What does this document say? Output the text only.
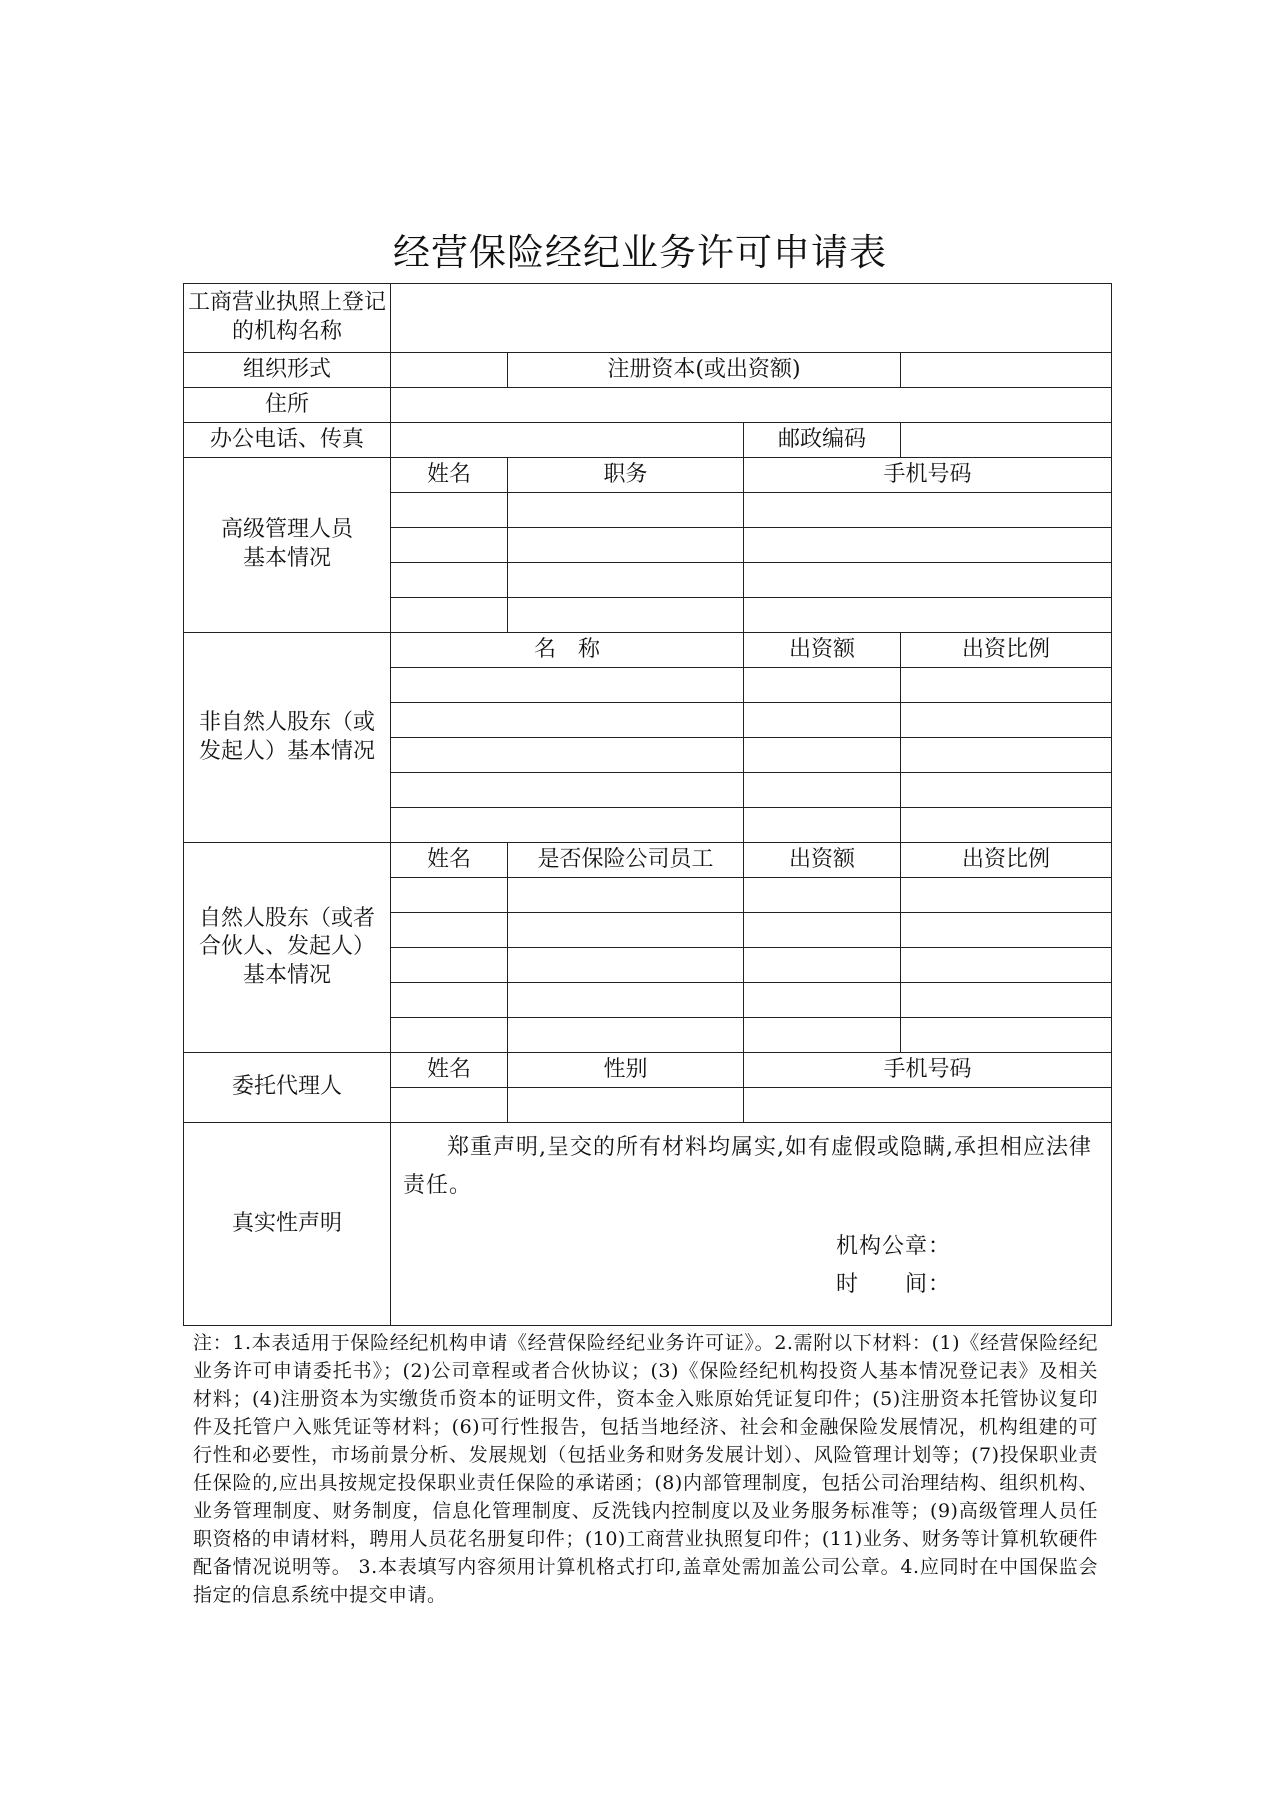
经营保险经纪业务许可申请表
工商营业执照上登记的机构名称				
组织形式		注册资本(或出资额)		
住所				
办公电话、传真			邮政编码	
高级管理人员基本情况	姓名	职务	手机号码	

非自然人股东（或发起人）基本情况	名　称		出资额	出资比例

自然人股东（或者合伙人、发起人）基本情况	姓名	是否保险公司员工	出资额	出资比例

委托代理人	姓名	性别	手机号码	

真实性声明	郑重声明,呈交的所有材料均属实,如有虚假或隐瞒,承担相应法律责任。
机构公章：
时　　间：			

注：1.本表适用于保险经纪机构申请《经营保险经纪业务许可证》。2.需附以下材料：(1)《经营保险经纪业务许可申请委托书》；(2)公司章程或者合伙协议；(3)《保险经纪机构投资人基本情况登记表》及相关材料；(4)注册资本为实缴货币资本的证明文件，资本金入账原始凭证复印件；(5)注册资本托管协议复印件及托管户入账凭证等材料；(6)可行性报告，包括当地经济、社会和金融保险发展情况，机构组建的可行性和必要性，市场前景分析、发展规划（包括业务和财务发展计划）、风险管理计划等；(7)投保职业责任保险的,应出具按规定投保职业责任保险的承诺函；(8)内部管理制度，包括公司治理结构、组织机构、业务管理制度、财务制度，信息化管理制度、反洗钱内控制度以及业务服务标准等；(9)高级管理人员任职资格的申请材料，聘用人员花名册复印件；(10)工商营业执照复印件；(11)业务、财务等计算机软硬件配备情况说明等。 3.本表填写内容须用计算机格式打印,盖章处需加盖公司公章。4.应同时在中国保监会指定的信息系统中提交申请。
